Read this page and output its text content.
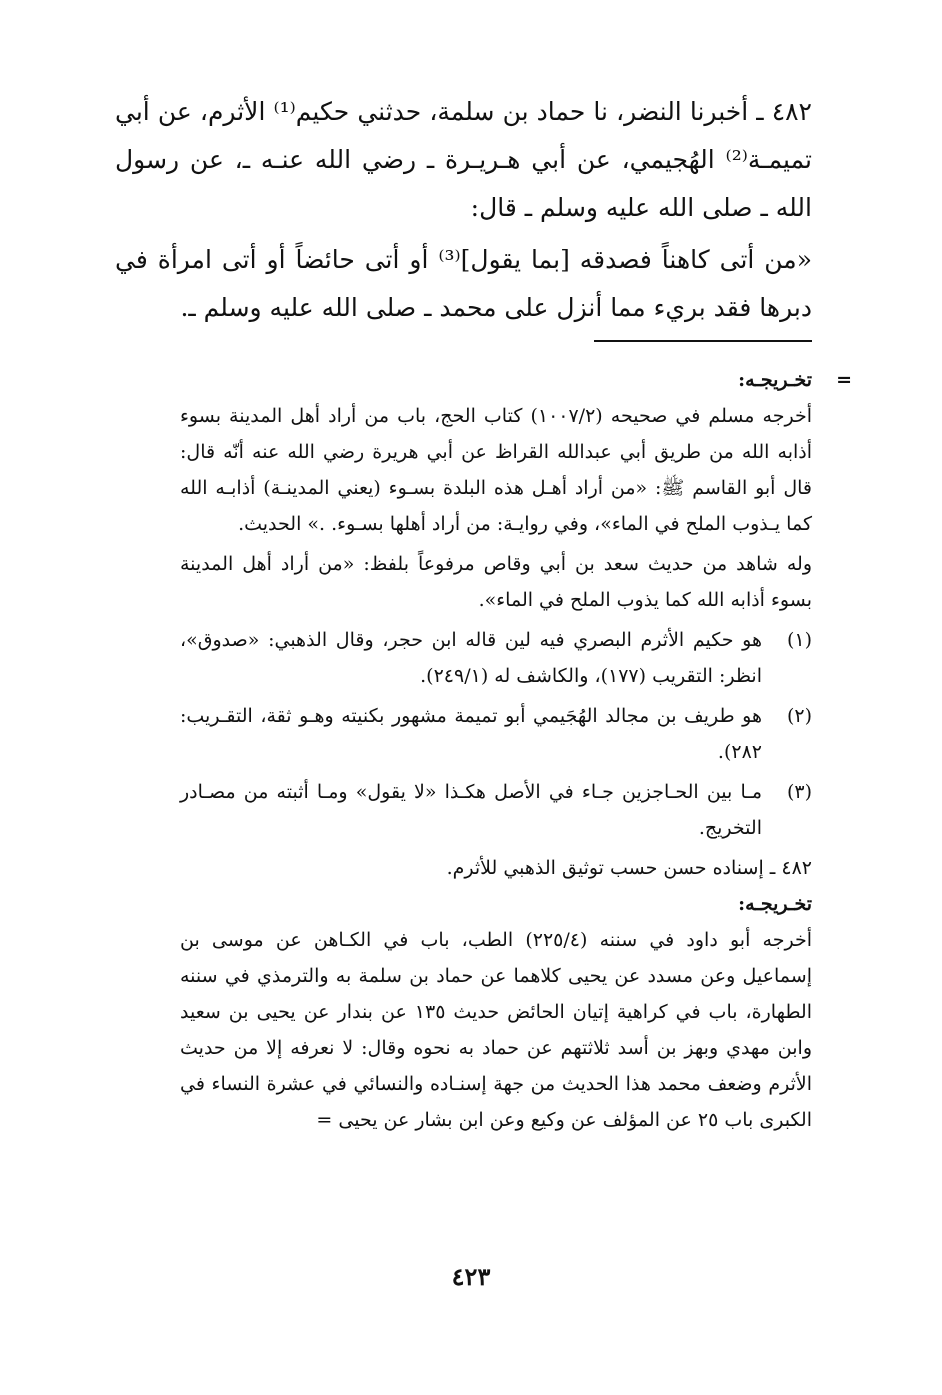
٤٨٢ ـ أخبرنا النضر، نا حماد بن سلمة، حدثني حكيم⁽¹⁾ الأثرم، عن أبي تميمـة⁽²⁾ الهُجيمي، عن أبي هـريـرة ـ رضي الله عنـه ـ، عن رسول الله ـ صلى الله عليه وسلم ـ قال:

«من أتى كاهناً فصدقه [بما يقول]⁽³⁾ أو أتى حائضاً أو أتى امرأة في دبرها فقد بريء مما أنزل على محمد ـ صلى الله عليه وسلم ـ.

=
تخـريجـه:

أخرجه مسلم في صحيحه (١٠٠٧/٢) كتاب الحج، باب من أراد أهل المدينة بسوء أذابه الله من طريق أبي عبدالله القراظ عن أبي هريرة رضي الله عنه أنّه قال: قال أبو القاسم ﷺ: «من أراد أهـل هذه البلدة بسـوء (يعني المدينـة) أذابـه الله كما يـذوب الملح في الماء»، وفي روايـة: من أراد أهلها بسـوء. .» الحديث.

وله شاهد من حديث سعد بن أبي وقاص مرفوعاً بلفظ: «من أراد أهل المدينة بسوء أذابه الله كما يذوب الملح في الماء».

(١)
هو حكيم الأثرم البصري فيه لين قاله ابن حجر، وقال الذهبي: «صدوق»، انظر: التقريب (١٧٧)، والكاشف له (٢٤٩/١).

(٢)
هو طريف بن مجالد الهُجَيمي أبو تميمة مشهور بكنيته وهـو ثقة، التقـريب: ٢٨٢).

(٣)
مـا بين الحـاجزين جـاء في الأصل هكـذا «لا يقول» ومـا أثبته من مصـادر التخريج.

٤٨٢ ـ إسناده حسن حسب توثيق الذهبي للأثرم.

تخـريجـه:

أخرجه أبو داود في سننه (٢٢٥/٤) الطب، باب في الكـاهن عن موسى بن إسماعيل وعن مسدد عن يحيى كلاهما عن حماد بن سلمة به والترمذي في سننه الطهارة، باب في كراهية إتيان الحائض حديث ١٣٥ عن بندار عن يحيى بن سعيد وابن مهدي وبهز بن أسد ثلاثتهم عن حماد به نحوه وقال: لا نعرفه إلا من حديث الأثرم وضعف محمد هذا الحديث من جهة إسنـاده والنسائي في عشرة النساء في الكبرى باب ٢٥ عن المؤلف عن وكيع وعن ابن بشار عن يحيى =

٤٢٣
